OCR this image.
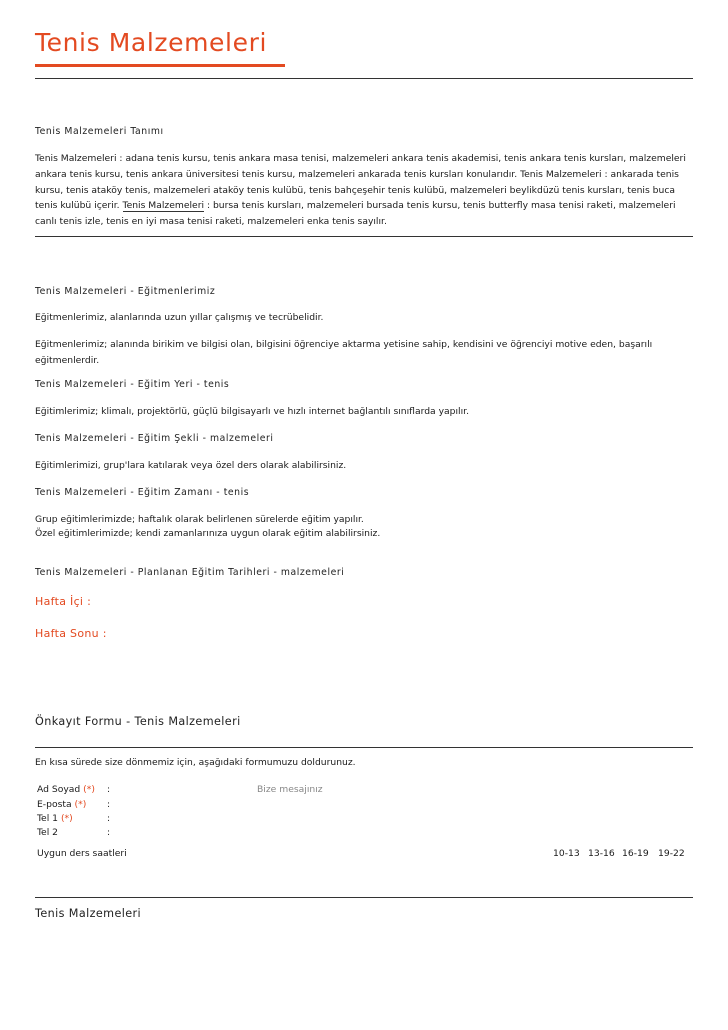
Tenis Malzemeleri
Tenis Malzemeleri Tanımı
Tenis Malzemeleri : adana tenis kursu, tenis ankara masa tenisi, malzemeleri ankara tenis akademisi, tenis ankara tenis kursları, malzemeleri ankara tenis kursu, tenis ankara üniversitesi tenis kursu, malzemeleri ankarada tenis kursları konularıdır. Tenis Malzemeleri : ankarada tenis kursu, tenis ataköy tenis, malzemeleri ataköy tenis kulübü, tenis bahçeşehir tenis kulübü, malzemeleri beylikdüzü tenis kursları, tenis buca tenis kulübü içerir. Tenis Malzemeleri : bursa tenis kursları, malzemeleri bursada tenis kursu, tenis butterfly masa tenisi raketi, malzemeleri canlı tenis izle, tenis en iyi masa tenisi raketi, malzemeleri enka tenis sayılır.
Tenis Malzemeleri - Eğitmenlerimiz
Eğitmenlerimiz, alanlarında uzun yıllar çalışmış ve tecrübelidir.
Eğitmenlerimiz; alanında birikim ve bilgisi olan, bilgisini öğrenciye aktarma yetisine sahip, kendisini ve öğrenciyi motive eden, başarılı eğitmenlerdir.
Tenis Malzemeleri - Eğitim Yeri - tenis
Eğitimlerimiz; klimalı, projektörlü, güçlü bilgisayarlı ve hızlı internet bağlantılı sınıflarda yapılır.
Tenis Malzemeleri - Eğitim Şekli - malzemeleri
Eğitimlerimizi, grup'lara katılarak veya özel ders olarak alabilirsiniz.
Tenis Malzemeleri - Eğitim Zamanı - tenis
Grup eğitimlerimizde; haftalık olarak belirlenen sürelerde eğitim yapılır.
Özel eğitimlerimizde; kendi zamanlarınıza uygun olarak eğitim alabilirsiniz.
Tenis Malzemeleri - Planlanan Eğitim Tarihleri - malzemeleri
Hafta İçi :
Hafta Sonu :
Önkayıt Formu - Tenis Malzemeleri
En kısa sürede size dönmemiz için, aşağıdaki formumuzu doldurunuz.
Ad Soyad (*) :
E-posta (*) :
Tel 1 (*)	:
Tel 2	:
Bize mesajınız
Uygun ders saatleri	10-13 13-16 16-19 19-22
Tenis Malzemeleri
